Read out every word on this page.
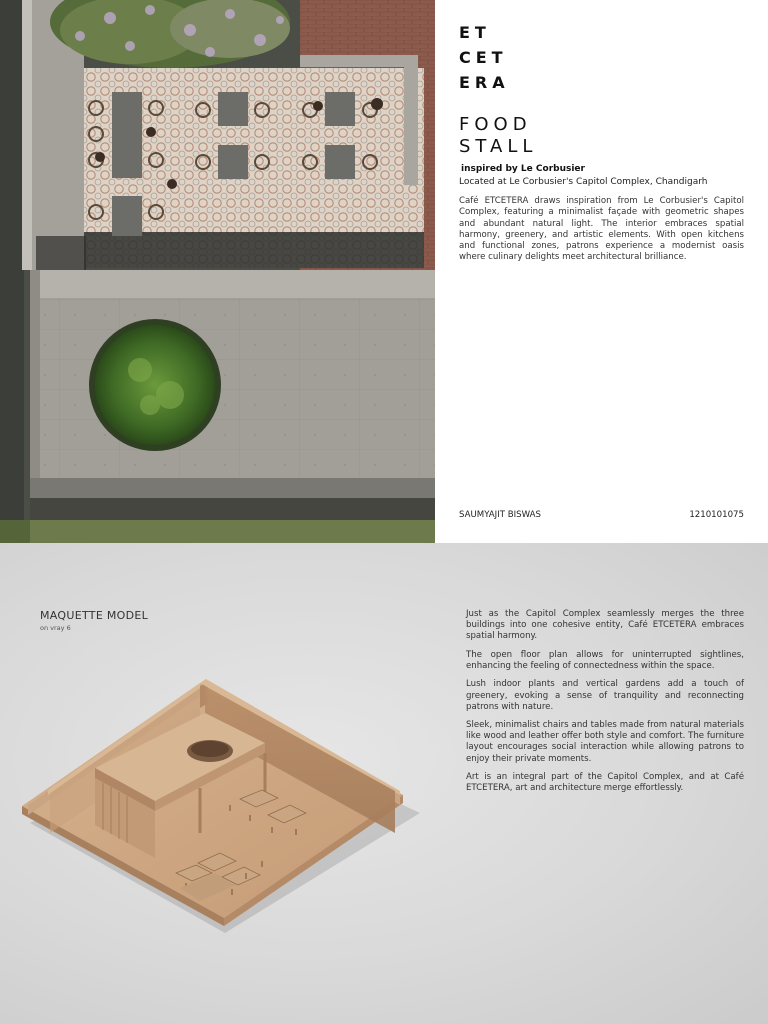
ET
CET
ERA
FOOD
STALL
inspired by Le Corbusier

Located at Le Corbusier's Capitol Complex, Chandigarh

Café ETCETERA draws inspiration from Le Corbusier's Capitol Complex, featuring a minimalist façade with geometric shapes and abundant natural light. The interior embraces spatial harmony, greenery, and artistic elements. With open kitchens and functional zones, patrons experience a modernist oasis where culinary delights meet architectural brilliance.

SAUMYAJIT BISWAS	1210101075
MAQUETTE MODEL
on vray 6

Just as the Capitol Complex seamlessly merges the three buildings into one cohesive entity, Café ETCETERA embraces spatial harmony.

The open floor plan allows for uninterrupted sightlines, enhancing the feeling of connectedness within the space.

Lush indoor plants and vertical gardens add a touch of greenery, evoking a sense of tranquility and reconnecting patrons with nature.

Sleek, minimalist chairs and tables made from natural materials like wood and leather offer both style and comfort. The furniture layout encourages social interaction while allowing patrons to enjoy their private moments.

Art is an integral part of the Capitol Complex, and at Café ETCETERA, art and architecture merge effortlessly.
